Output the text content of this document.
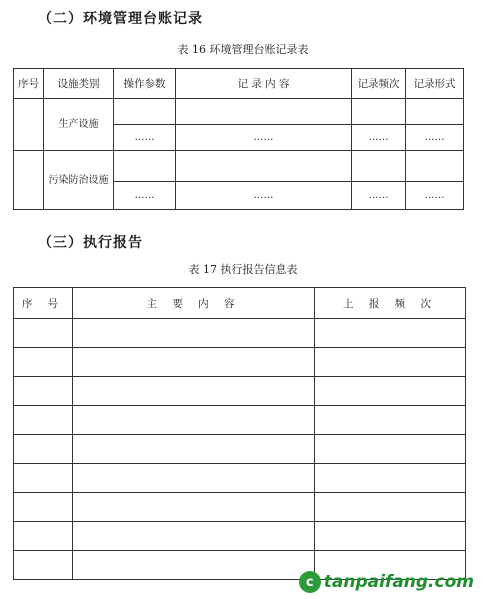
（二）环境管理台账记录
表 16 环境管理台账记录表
序号	设施类别	操作参数	记 录 内 容	记录频次	记录形式
	生产设施				
		……	……	……	……
	污染防治设施				
		……	……	……	……
（三）执行报告
表 17 执行报告信息表
序 号	主 要 内 容	上 报 频 次

c tanpaifang.com
